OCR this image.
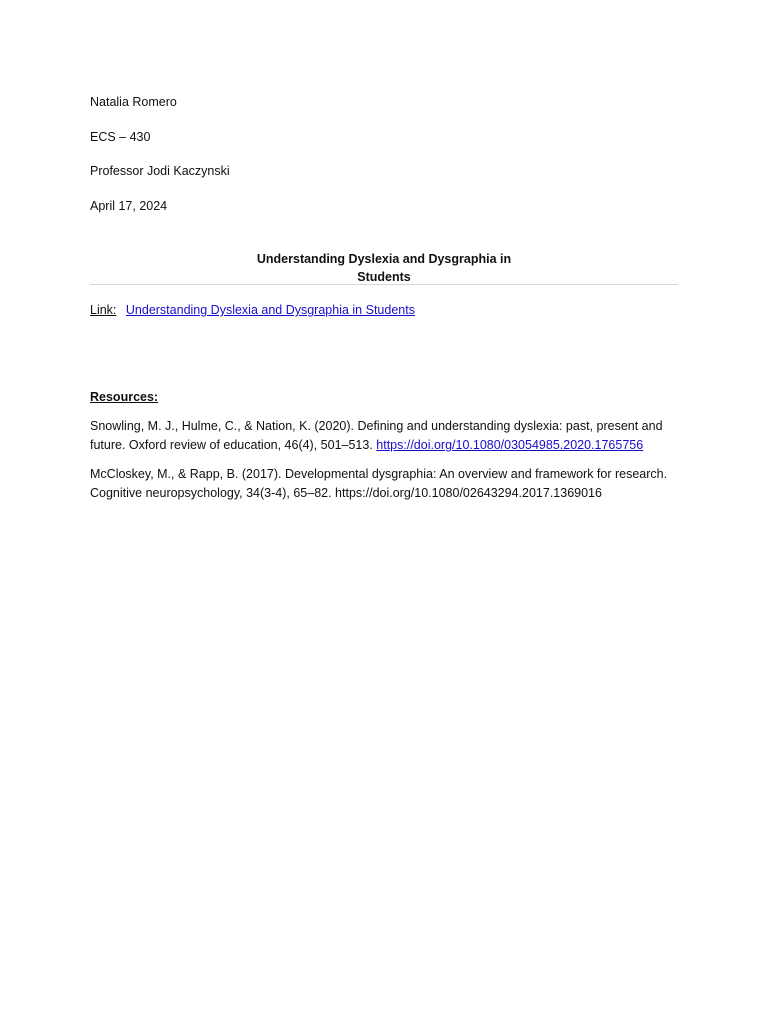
Natalia Romero
ECS – 430
Professor Jodi Kaczynski
April 17, 2024
Understanding Dyslexia and Dysgraphia in
Students
Link: Understanding Dyslexia and Dysgraphia in Students
Resources:
Snowling, M. J., Hulme, C., & Nation, K. (2020). Defining and understanding dyslexia: past, present and future. Oxford review of education, 46(4), 501–513. https://doi.org/10.1080/03054985.2020.1765756
McCloskey, M., & Rapp, B. (2017). Developmental dysgraphia: An overview and framework for research. Cognitive neuropsychology, 34(3-4), 65–82. https://doi.org/10.1080/02643294.2017.1369016
